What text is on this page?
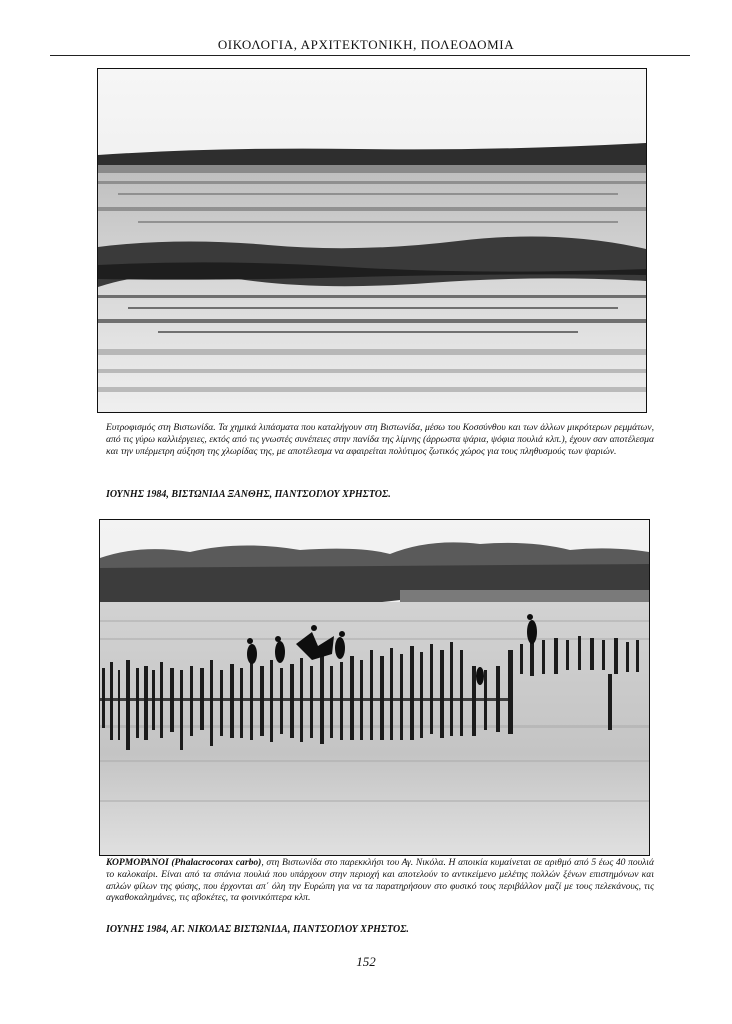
ΟΙΚΟΛΟΓΙΑ, ΑΡΧΙΤΕΚΤΟΝΙΚΗ, ΠΟΛΕΟΔΟΜΙΑ
Ευτροφισμός στη Βιστωνίδα. Τα χημικά λιπάσματα που καταλήγουν στη Βιστωνίδα, μέσω του Κοσσύνθου και των άλλων μικρότερων ρεμμάτων, από τις γύρω καλλιέργειες, εκτός από τις γνωστές συνέπειες στην πανίδα της λίμνης (άρρωστα ψάρια, ψόφια πουλιά κλπ.), έχουν σαν αποτέλεσμα και την υπέρμετρη αύξηση της χλωρίδας της, με αποτέλεσμα να αφαιρείται πολύτιμος ζωτικός χώρος για τους πληθυσμούς των ψαριών.
ΙΟΥΝΗΣ 1984, ΒΙΣΤΩΝΙΔΑ ΞΑΝΘΗΣ, ΠΑΝΤΣΟΓΛΟΥ ΧΡΗΣΤΟΣ.
ΚΟΡΜΟΡΑΝΟΙ (Phalacrocorax carbo), στη Βιστωνίδα στο παρεκκλήσι του Αγ. Νικόλα. Η αποικία κυμαίνεται σε αριθμό από 5 έως 40 πουλιά το καλοκαίρι. Είναι από τα σπάνια πουλιά που υπάρχουν στην περιοχή και αποτελούν το αντικείμενο μελέτης πολλών ξένων επιστημόνων και απλών φίλων της φύσης, που έρχονται απ΄ όλη την Ευρώπη για να τα παρατηρήσουν στο φυσικό τους περιβάλλον μαζί με τους πελεκάνους, τις αγκαθοκαλημάνες, τις αβοκέτες, τα φοινικόπτερα κλπ.
ΙΟΥΝΗΣ 1984, ΑΓ. ΝΙΚΟΛΑΣ ΒΙΣΤΩΝΙΔΑ, ΠΑΝΤΣΟΓΛΟΥ ΧΡΗΣΤΟΣ.
152
